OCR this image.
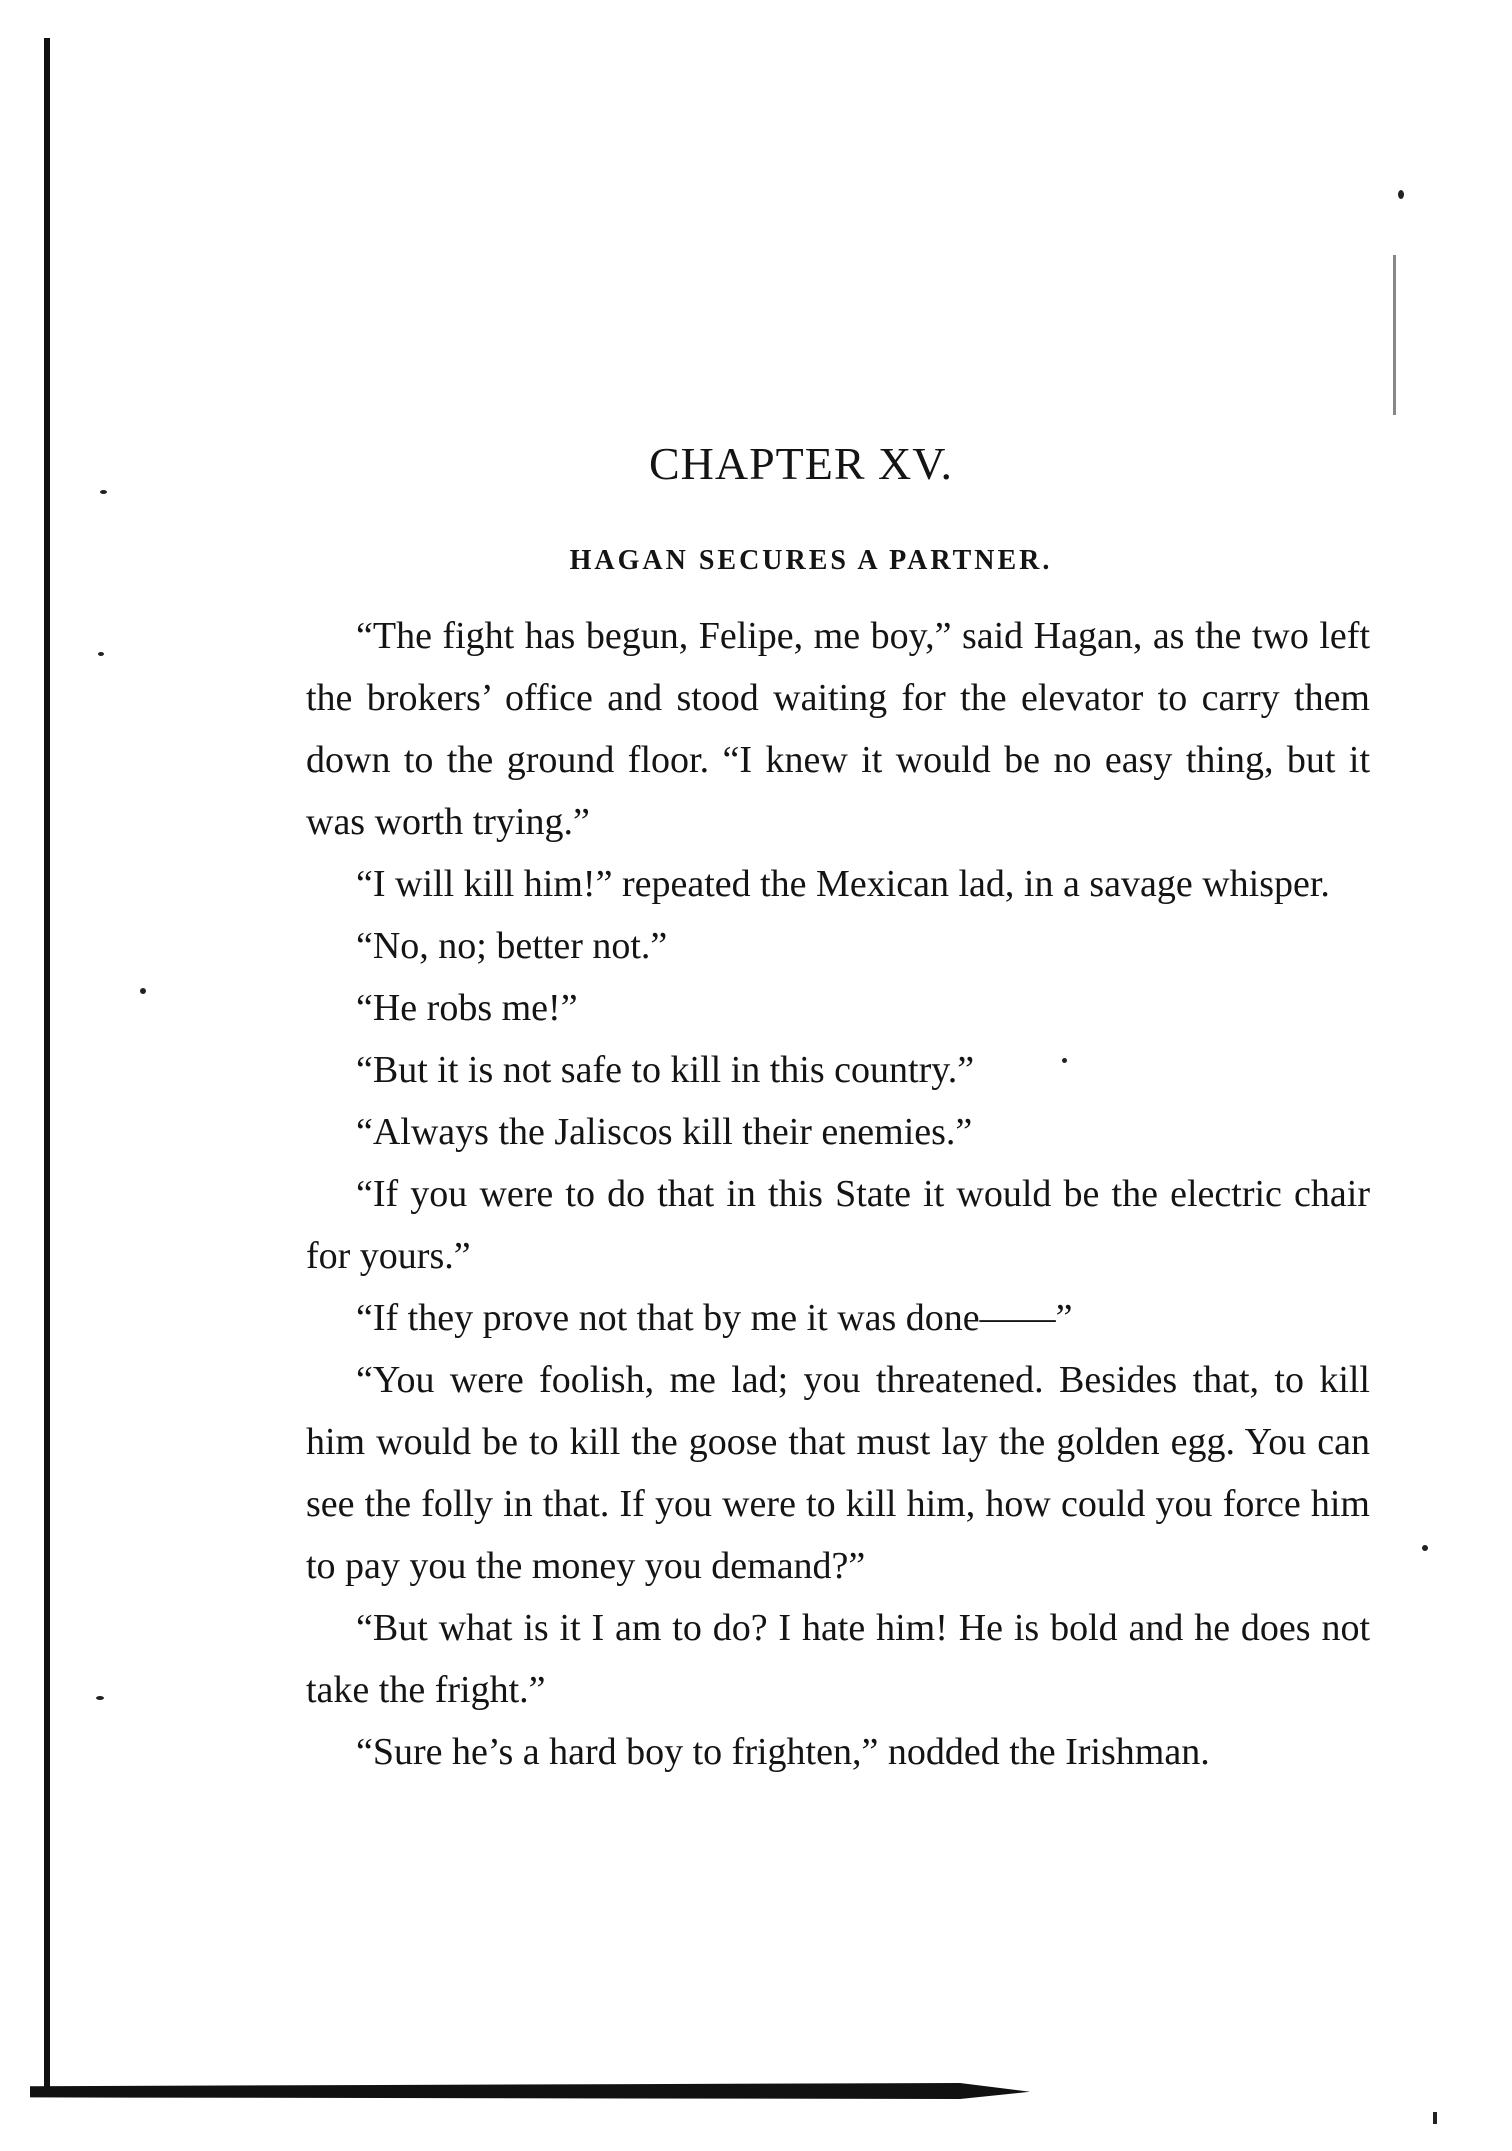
CHAPTER XV.
HAGAN SECURES A PARTNER.

“The fight has begun, Felipe, me boy,” said Hagan, as the two left the brokers’ office and stood waiting for the elevator to carry them down to the ground floor. “I knew it would be no easy thing, but it was worth trying.”

“I will kill him!” repeated the Mexican lad, in a savage whisper.

“No, no; better not.”

“He robs me!”

“But it is not safe to kill in this country.”

“Always the Jaliscos kill their enemies.”

“If you were to do that in this State it would be the electric chair for yours.”

“If they prove not that by me it was done——”

“You were foolish, me lad; you threatened. Besides that, to kill him would be to kill the goose that must lay the golden egg. You can see the folly in that. If you were to kill him, how could you force him to pay you the money you demand?”

“But what is it I am to do? I hate him! He is bold and he does not take the fright.”

“Sure he’s a hard boy to frighten,” nodded the Irishman.
